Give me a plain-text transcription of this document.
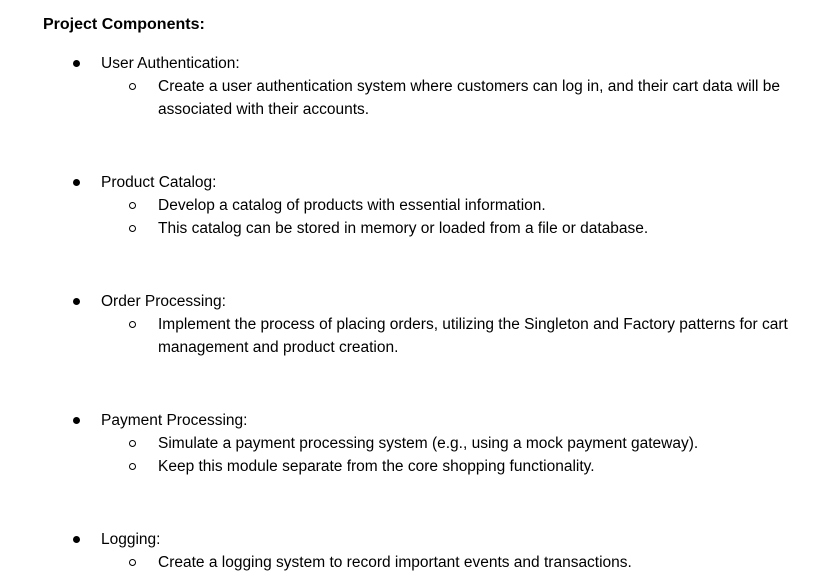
Project Components:
User Authentication:
Create a user authentication system where customers can log in, and their cart data will be associated with their accounts.
Product Catalog:
Develop a catalog of products with essential information.
This catalog can be stored in memory or loaded from a file or database.
Order Processing:
Implement the process of placing orders, utilizing the Singleton and Factory patterns for cart management and product creation.
Payment Processing:
Simulate a payment processing system (e.g., using a mock payment gateway).
Keep this module separate from the core shopping functionality.
Logging:
Create a logging system to record important events and transactions.
